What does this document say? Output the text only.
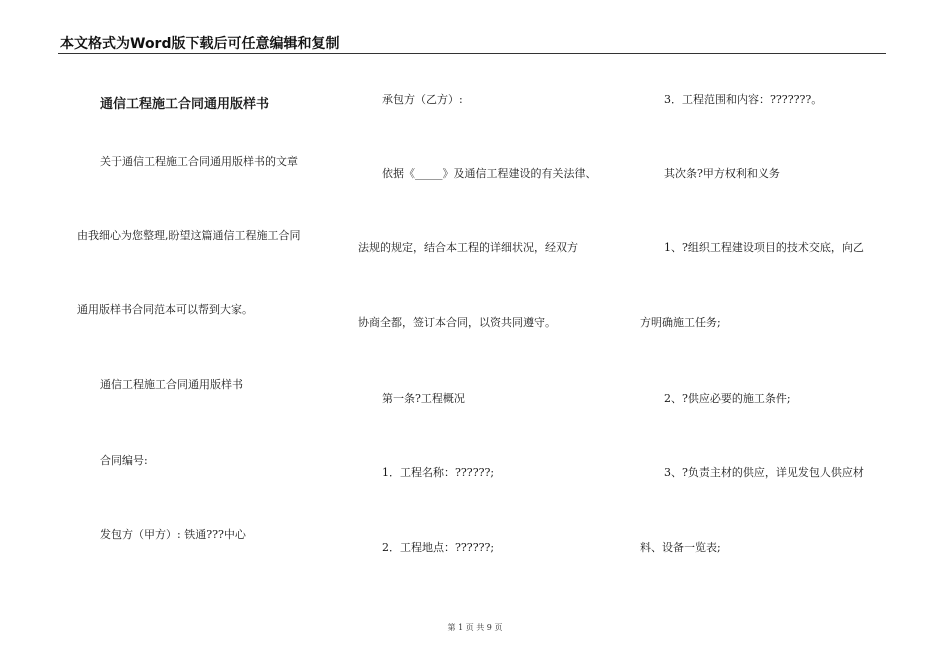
本文格式为Word版下载后可任意编辑和复制
通信工程施工合同通用版样书
关于通信工程施工合同通用版样书的文章
由我细心为您整理,盼望这篇通信工程施工合同
通用版样书合同范本可以帮到大家。
通信工程施工合同通用版样书
合同编号:
发包方（甲方）: 铁通???中心
承包方（乙方）:
依据《_____》及通信工程建设的有关法律、
法规的规定，结合本工程的详细状况，经双方
协商全都，签订本合同，以资共同遵守。
第一条?工程概况
1．工程名称：??????;
2．工程地点：??????;
3．工程范围和内容：???????。
其次条?甲方权利和义务
1、?组织工程建设项目的技术交底，向乙
方明确施工任务;
2、?供应必要的施工条件;
3、?负责主材的供应，详见发包人供应材
料、设备一览表;
第 1 页 共 9 页
